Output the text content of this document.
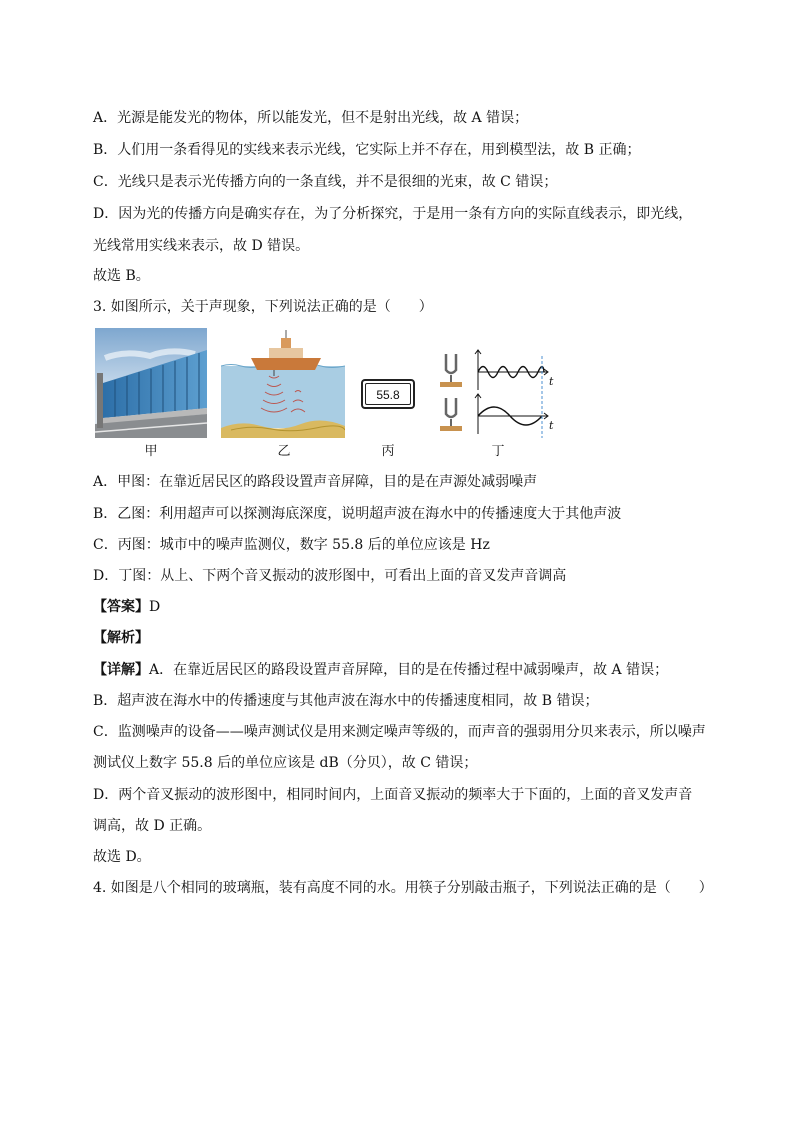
A．光源是能发光的物体，所以能发光，但不是射出光线，故 A 错误；
B．人们用一条看得见的实线来表示光线，它实际上并不存在，用到模型法，故 B 正确；
C．光线只是表示光传播方向的一条直线，并不是很细的光束，故 C 错误；
D．因为光的传播方向是确实存在，为了分析探究，于是用一条有方向的实际直线表示，即光线，
光线常用实线来表示，故 D 错误。
故选 B。
3. 如图所示，关于声现象，下列说法正确的是（　　）
甲	乙
55.8
丙
t
t
丁
A．甲图：在靠近居民区的路段设置声音屏障，目的是在声源处减弱噪声
B．乙图：利用超声可以探测海底深度，说明超声波在海水中的传播速度大于其他声波
C．丙图：城市中的噪声监测仪，数字 55.8 后的单位应该是 Hz
D．丁图：从上、下两个音叉振动的波形图中，可看出上面的音叉发声音调高
【答案】D
【解析】
【详解】A．在靠近居民区的路段设置声音屏障，目的是在传播过程中减弱噪声，故 A 错误；
B．超声波在海水中的传播速度与其他声波在海水中的传播速度相同，故 B 错误；
C．监测噪声的设备——噪声测试仪是用来测定噪声等级的，而声音的强弱用分贝来表示，所以噪声
测试仪上数字 55.8 后的单位应该是 dB（分贝），故 C 错误；
D．两个音叉振动的波形图中，相同时间内，上面音叉振动的频率大于下面的，上面的音叉发声音
调高，故 D 正确。
故选 D。
4. 如图是八个相同的玻璃瓶，装有高度不同的水。用筷子分别敲击瓶子，下列说法正确的是（　　）
